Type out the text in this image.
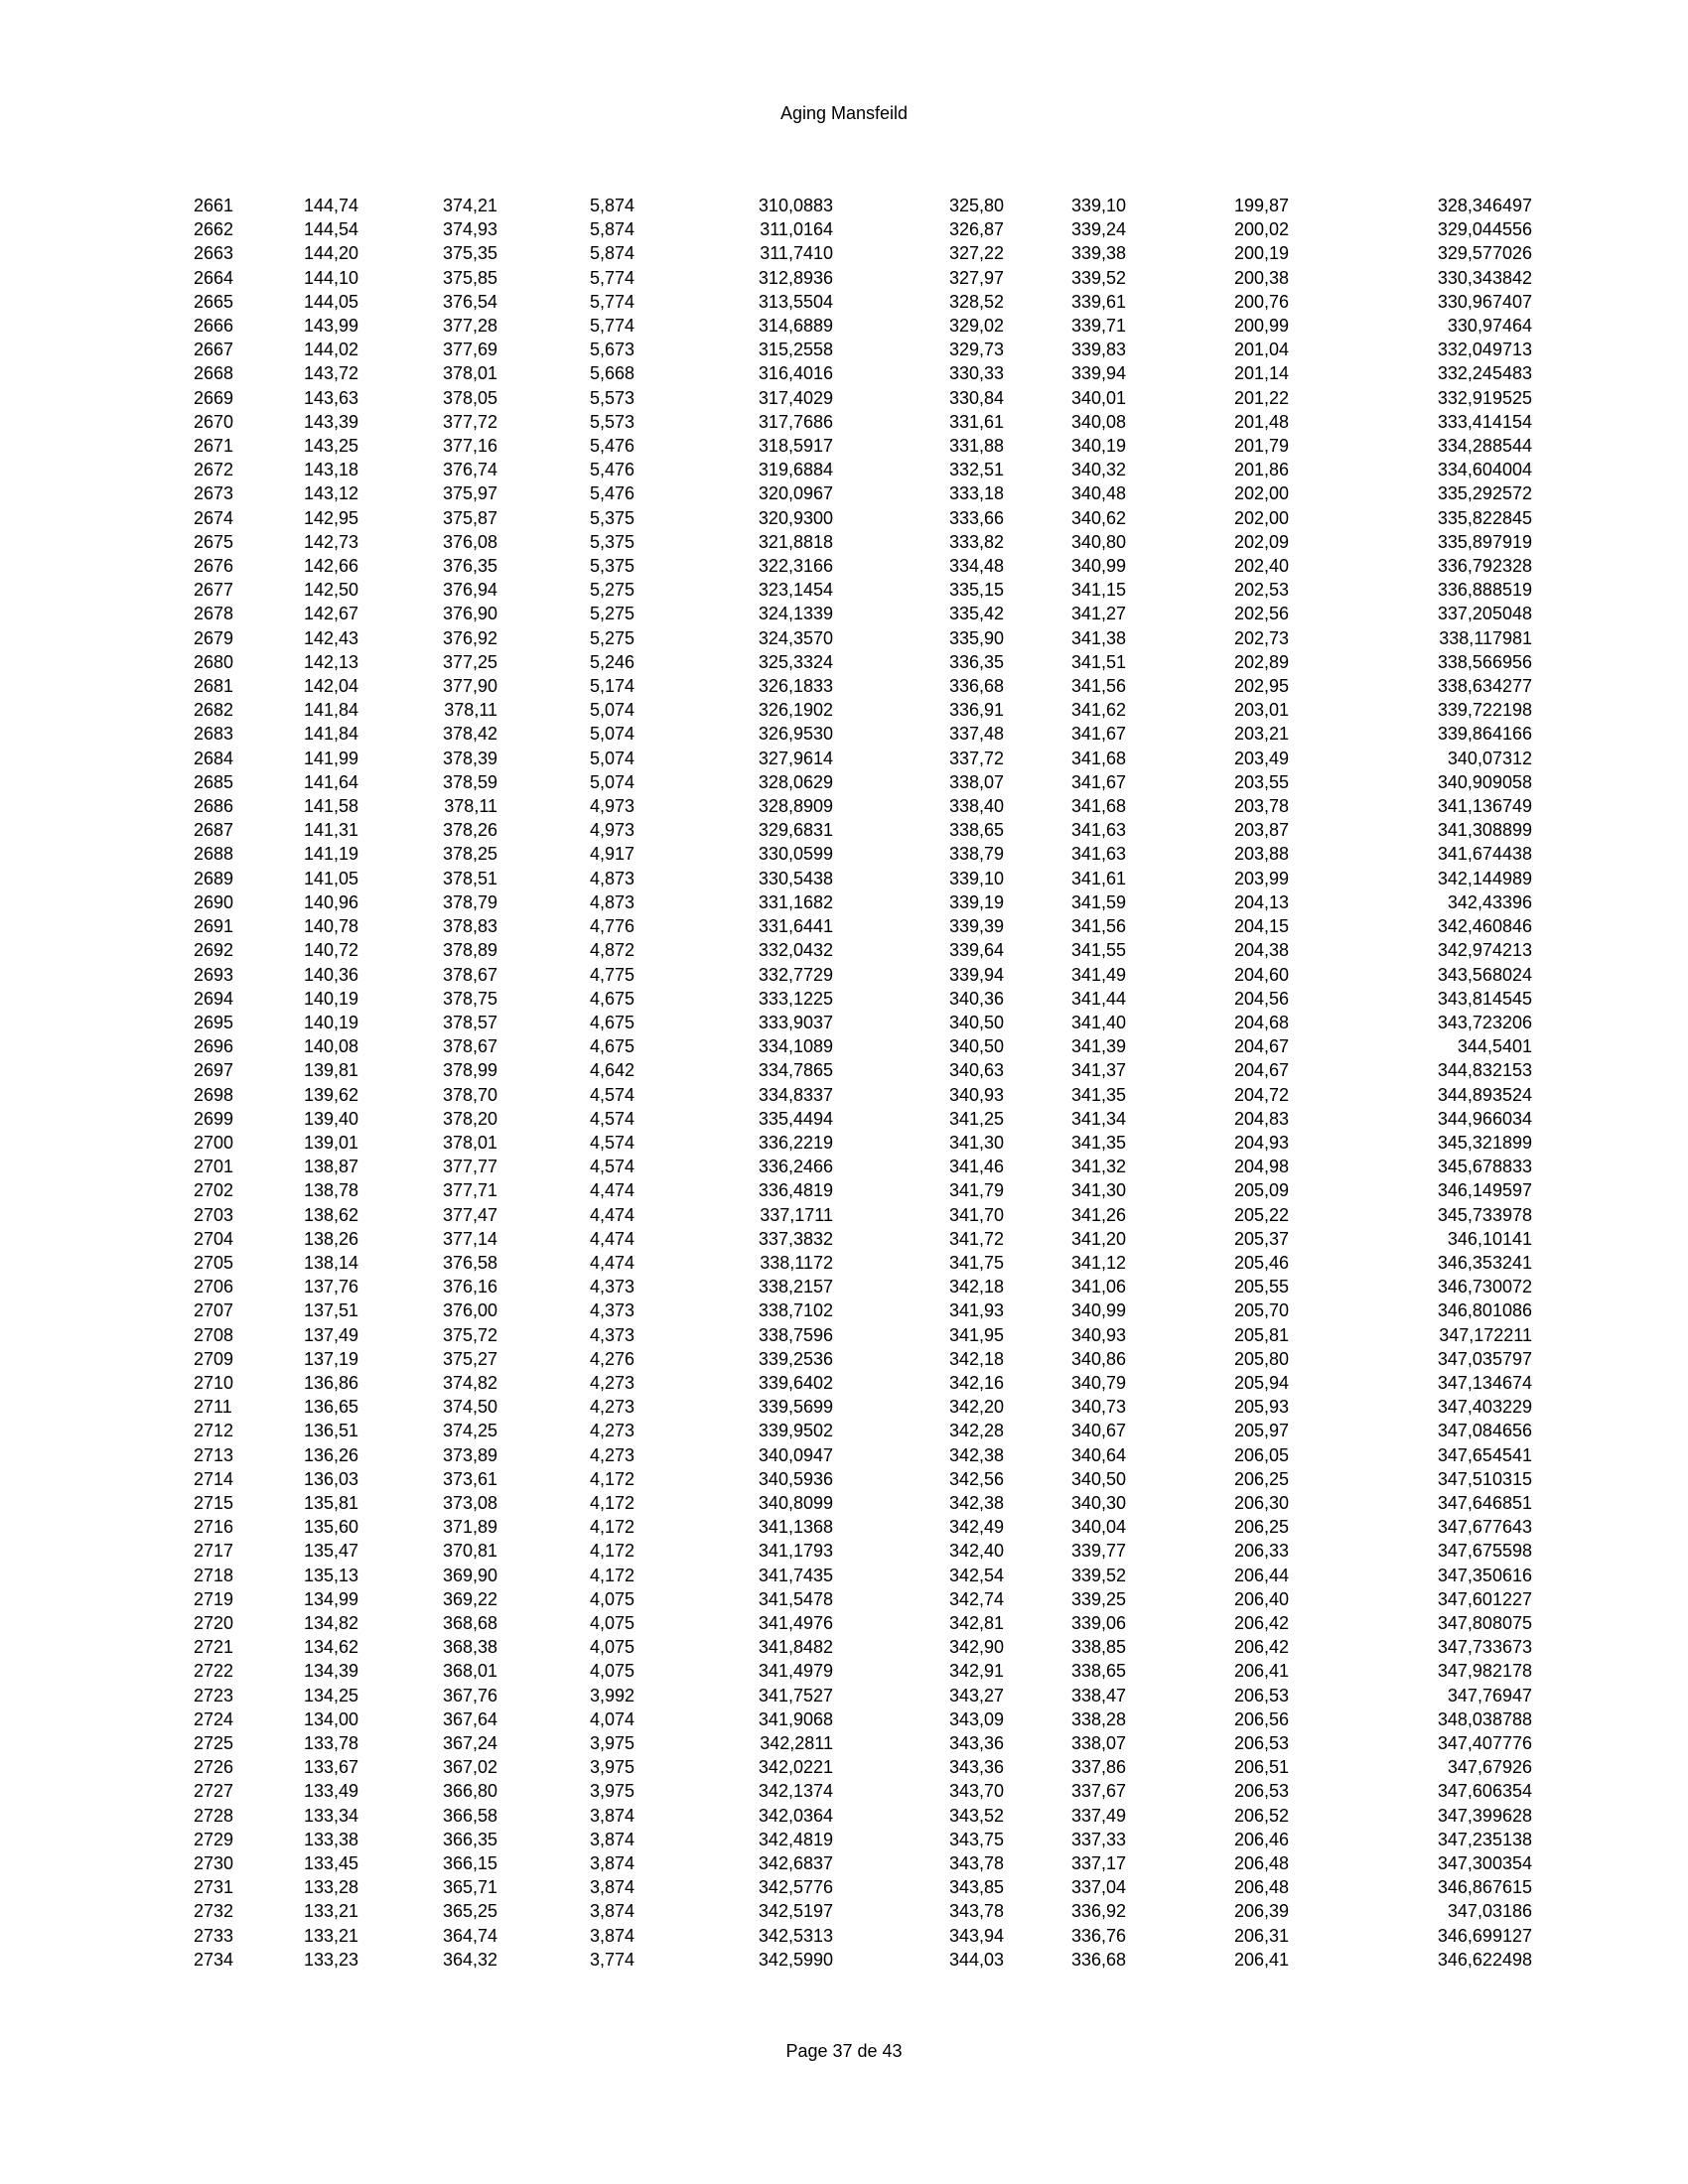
Aging Mansfeild
2661	144,74	374,21	5,874	310,0883	325,80	339,10	199,87	328,346497
2662	144,54	374,93	5,874	311,0164	326,87	339,24	200,02	329,044556
2663	144,20	375,35	5,874	311,7410	327,22	339,38	200,19	329,577026
2664	144,10	375,85	5,774	312,8936	327,97	339,52	200,38	330,343842
2665	144,05	376,54	5,774	313,5504	328,52	339,61	200,76	330,967407
2666	143,99	377,28	5,774	314,6889	329,02	339,71	200,99	330,97464
2667	144,02	377,69	5,673	315,2558	329,73	339,83	201,04	332,049713
2668	143,72	378,01	5,668	316,4016	330,33	339,94	201,14	332,245483
2669	143,63	378,05	5,573	317,4029	330,84	340,01	201,22	332,919525
2670	143,39	377,72	5,573	317,7686	331,61	340,08	201,48	333,414154
2671	143,25	377,16	5,476	318,5917	331,88	340,19	201,79	334,288544
2672	143,18	376,74	5,476	319,6884	332,51	340,32	201,86	334,604004
2673	143,12	375,97	5,476	320,0967	333,18	340,48	202,00	335,292572
2674	142,95	375,87	5,375	320,9300	333,66	340,62	202,00	335,822845
2675	142,73	376,08	5,375	321,8818	333,82	340,80	202,09	335,897919
2676	142,66	376,35	5,375	322,3166	334,48	340,99	202,40	336,792328
2677	142,50	376,94	5,275	323,1454	335,15	341,15	202,53	336,888519
2678	142,67	376,90	5,275	324,1339	335,42	341,27	202,56	337,205048
2679	142,43	376,92	5,275	324,3570	335,90	341,38	202,73	338,117981
2680	142,13	377,25	5,246	325,3324	336,35	341,51	202,89	338,566956
2681	142,04	377,90	5,174	326,1833	336,68	341,56	202,95	338,634277
2682	141,84	378,11	5,074	326,1902	336,91	341,62	203,01	339,722198
2683	141,84	378,42	5,074	326,9530	337,48	341,67	203,21	339,864166
2684	141,99	378,39	5,074	327,9614	337,72	341,68	203,49	340,07312
2685	141,64	378,59	5,074	328,0629	338,07	341,67	203,55	340,909058
2686	141,58	378,11	4,973	328,8909	338,40	341,68	203,78	341,136749
2687	141,31	378,26	4,973	329,6831	338,65	341,63	203,87	341,308899
2688	141,19	378,25	4,917	330,0599	338,79	341,63	203,88	341,674438
2689	141,05	378,51	4,873	330,5438	339,10	341,61	203,99	342,144989
2690	140,96	378,79	4,873	331,1682	339,19	341,59	204,13	342,43396
2691	140,78	378,83	4,776	331,6441	339,39	341,56	204,15	342,460846
2692	140,72	378,89	4,872	332,0432	339,64	341,55	204,38	342,974213
2693	140,36	378,67	4,775	332,7729	339,94	341,49	204,60	343,568024
2694	140,19	378,75	4,675	333,1225	340,36	341,44	204,56	343,814545
2695	140,19	378,57	4,675	333,9037	340,50	341,40	204,68	343,723206
2696	140,08	378,67	4,675	334,1089	340,50	341,39	204,67	344,5401
2697	139,81	378,99	4,642	334,7865	340,63	341,37	204,67	344,832153
2698	139,62	378,70	4,574	334,8337	340,93	341,35	204,72	344,893524
2699	139,40	378,20	4,574	335,4494	341,25	341,34	204,83	344,966034
2700	139,01	378,01	4,574	336,2219	341,30	341,35	204,93	345,321899
2701	138,87	377,77	4,574	336,2466	341,46	341,32	204,98	345,678833
2702	138,78	377,71	4,474	336,4819	341,79	341,30	205,09	346,149597
2703	138,62	377,47	4,474	337,1711	341,70	341,26	205,22	345,733978
2704	138,26	377,14	4,474	337,3832	341,72	341,20	205,37	346,10141
2705	138,14	376,58	4,474	338,1172	341,75	341,12	205,46	346,353241
2706	137,76	376,16	4,373	338,2157	342,18	341,06	205,55	346,730072
2707	137,51	376,00	4,373	338,7102	341,93	340,99	205,70	346,801086
2708	137,49	375,72	4,373	338,7596	341,95	340,93	205,81	347,172211
2709	137,19	375,27	4,276	339,2536	342,18	340,86	205,80	347,035797
2710	136,86	374,82	4,273	339,6402	342,16	340,79	205,94	347,134674
2711	136,65	374,50	4,273	339,5699	342,20	340,73	205,93	347,403229
2712	136,51	374,25	4,273	339,9502	342,28	340,67	205,97	347,084656
2713	136,26	373,89	4,273	340,0947	342,38	340,64	206,05	347,654541
2714	136,03	373,61	4,172	340,5936	342,56	340,50	206,25	347,510315
2715	135,81	373,08	4,172	340,8099	342,38	340,30	206,30	347,646851
2716	135,60	371,89	4,172	341,1368	342,49	340,04	206,25	347,677643
2717	135,47	370,81	4,172	341,1793	342,40	339,77	206,33	347,675598
2718	135,13	369,90	4,172	341,7435	342,54	339,52	206,44	347,350616
2719	134,99	369,22	4,075	341,5478	342,74	339,25	206,40	347,601227
2720	134,82	368,68	4,075	341,4976	342,81	339,06	206,42	347,808075
2721	134,62	368,38	4,075	341,8482	342,90	338,85	206,42	347,733673
2722	134,39	368,01	4,075	341,4979	342,91	338,65	206,41	347,982178
2723	134,25	367,76	3,992	341,7527	343,27	338,47	206,53	347,76947
2724	134,00	367,64	4,074	341,9068	343,09	338,28	206,56	348,038788
2725	133,78	367,24	3,975	342,2811	343,36	338,07	206,53	347,407776
2726	133,67	367,02	3,975	342,0221	343,36	337,86	206,51	347,67926
2727	133,49	366,80	3,975	342,1374	343,70	337,67	206,53	347,606354
2728	133,34	366,58	3,874	342,0364	343,52	337,49	206,52	347,399628
2729	133,38	366,35	3,874	342,4819	343,75	337,33	206,46	347,235138
2730	133,45	366,15	3,874	342,6837	343,78	337,17	206,48	347,300354
2731	133,28	365,71	3,874	342,5776	343,85	337,04	206,48	346,867615
2732	133,21	365,25	3,874	342,5197	343,78	336,92	206,39	347,03186
2733	133,21	364,74	3,874	342,5313	343,94	336,76	206,31	346,699127
2734	133,23	364,32	3,774	342,5990	344,03	336,68	206,41	346,622498
Page 37 de 43
